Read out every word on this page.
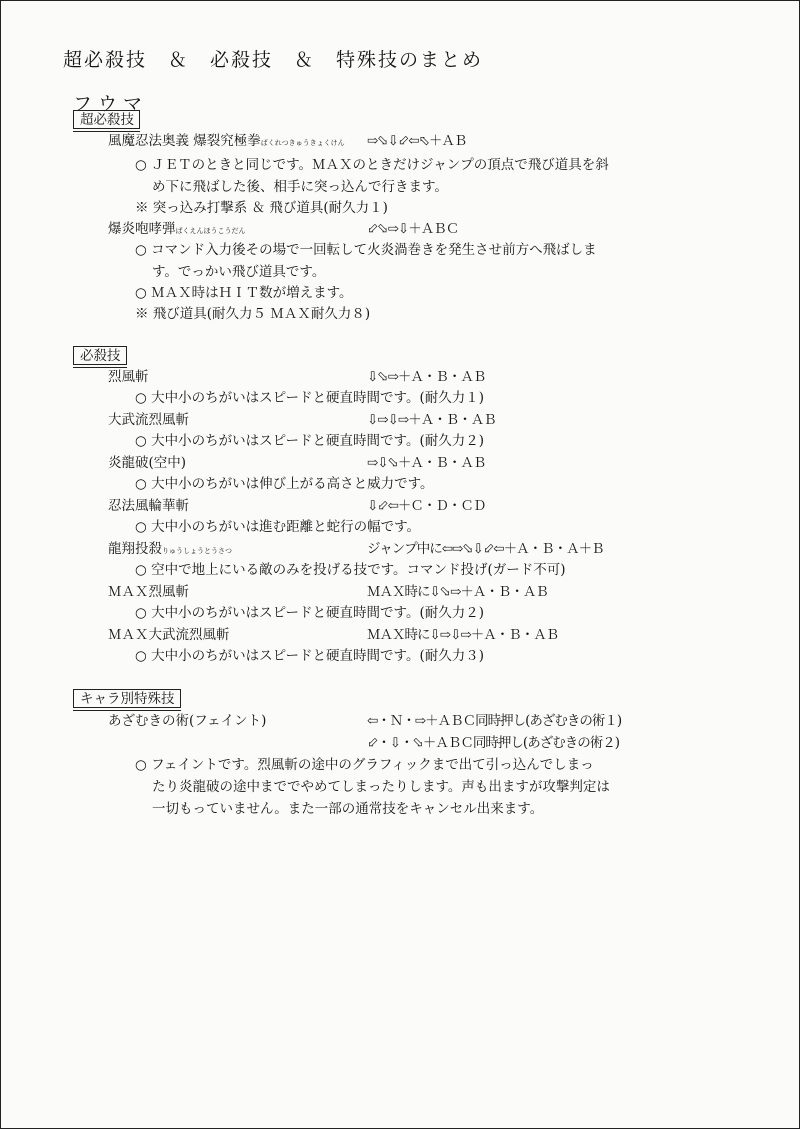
超必殺技　＆　必殺技　＆　特殊技のまとめ
フウマ
超必殺技
風魔忍法奥義 爆裂究極拳ばくれつきゅうきょくけん ⇨⬂⇩⬃⇦⬁＋ＡＢ
○ ＪＥＴのときと同じです。ＭＡＸのときだけジャンプの頂点で飛び道具を斜
め下に飛ばした後、相手に突っ込んで行きます。
※ 突っ込み打撃系 ＆ 飛び道具(耐久力１)
爆炎咆哮弾ばくえんほうこうだん	⬃⬂⇨⇩＋ＡＢＣ
○ コマンド入力後その場で一回転して火炎渦巻きを発生させ前方へ飛ばしま
す。でっかい飛び道具です。
○ ＭＡＸ時はＨＩＴ数が増えます。
※ 飛び道具(耐久力５ ＭＡＸ耐久力８)
必殺技
烈風斬	⇩⬂⇨＋Ａ・Ｂ・ＡＢ
○ 大中小のちがいはスピードと硬直時間です。(耐久力１)
大武流烈風斬	⇩⇨⇩⇨＋Ａ・Ｂ・ＡＢ
○ 大中小のちがいはスピードと硬直時間です。(耐久力２)
炎龍破(空中)	⇨⇩⬂＋Ａ・Ｂ・ＡＢ
○ 大中小のちがいは伸び上がる高さと威力です。
忍法風輪華斬	⇩⬃⇦＋Ｃ・Ｄ・ＣＤ
○ 大中小のちがいは進む距離と蛇行の幅です。
龍翔投殺りゅうしょうとうさつ	ジャンプ中に⇦⇨⬂⇩⬃⇦＋Ａ・Ｂ・Ａ＋Ｂ
○ 空中で地上にいる敵のみを投げる技です。コマンド投げ(ガード不可)
ＭＡＸ烈風斬	ＭＡＸ時に⇩⬂⇨＋Ａ・Ｂ・ＡＢ
○ 大中小のちがいはスピードと硬直時間です。(耐久力２)
ＭＡＸ大武流烈風斬	ＭＡＸ時に⇩⇨⇩⇨＋Ａ・Ｂ・ＡＢ
○ 大中小のちがいはスピードと硬直時間です。(耐久力３)
キャラ別特殊技
あざむきの術(フェイント)	⇦・Ｎ・⇨＋ＡＢＣ同時押し(あざむきの術１)
⬃・⇩・⬂＋ＡＢＣ同時押し(あざむきの術２)
○ フェイントです。烈風斬の途中のグラフィックまで出て引っ込んでしまっ
たり炎龍破の途中まででやめてしまったりします。声も出ますが攻撃判定は
一切もっていません。また一部の通常技をキャンセル出来ます。
